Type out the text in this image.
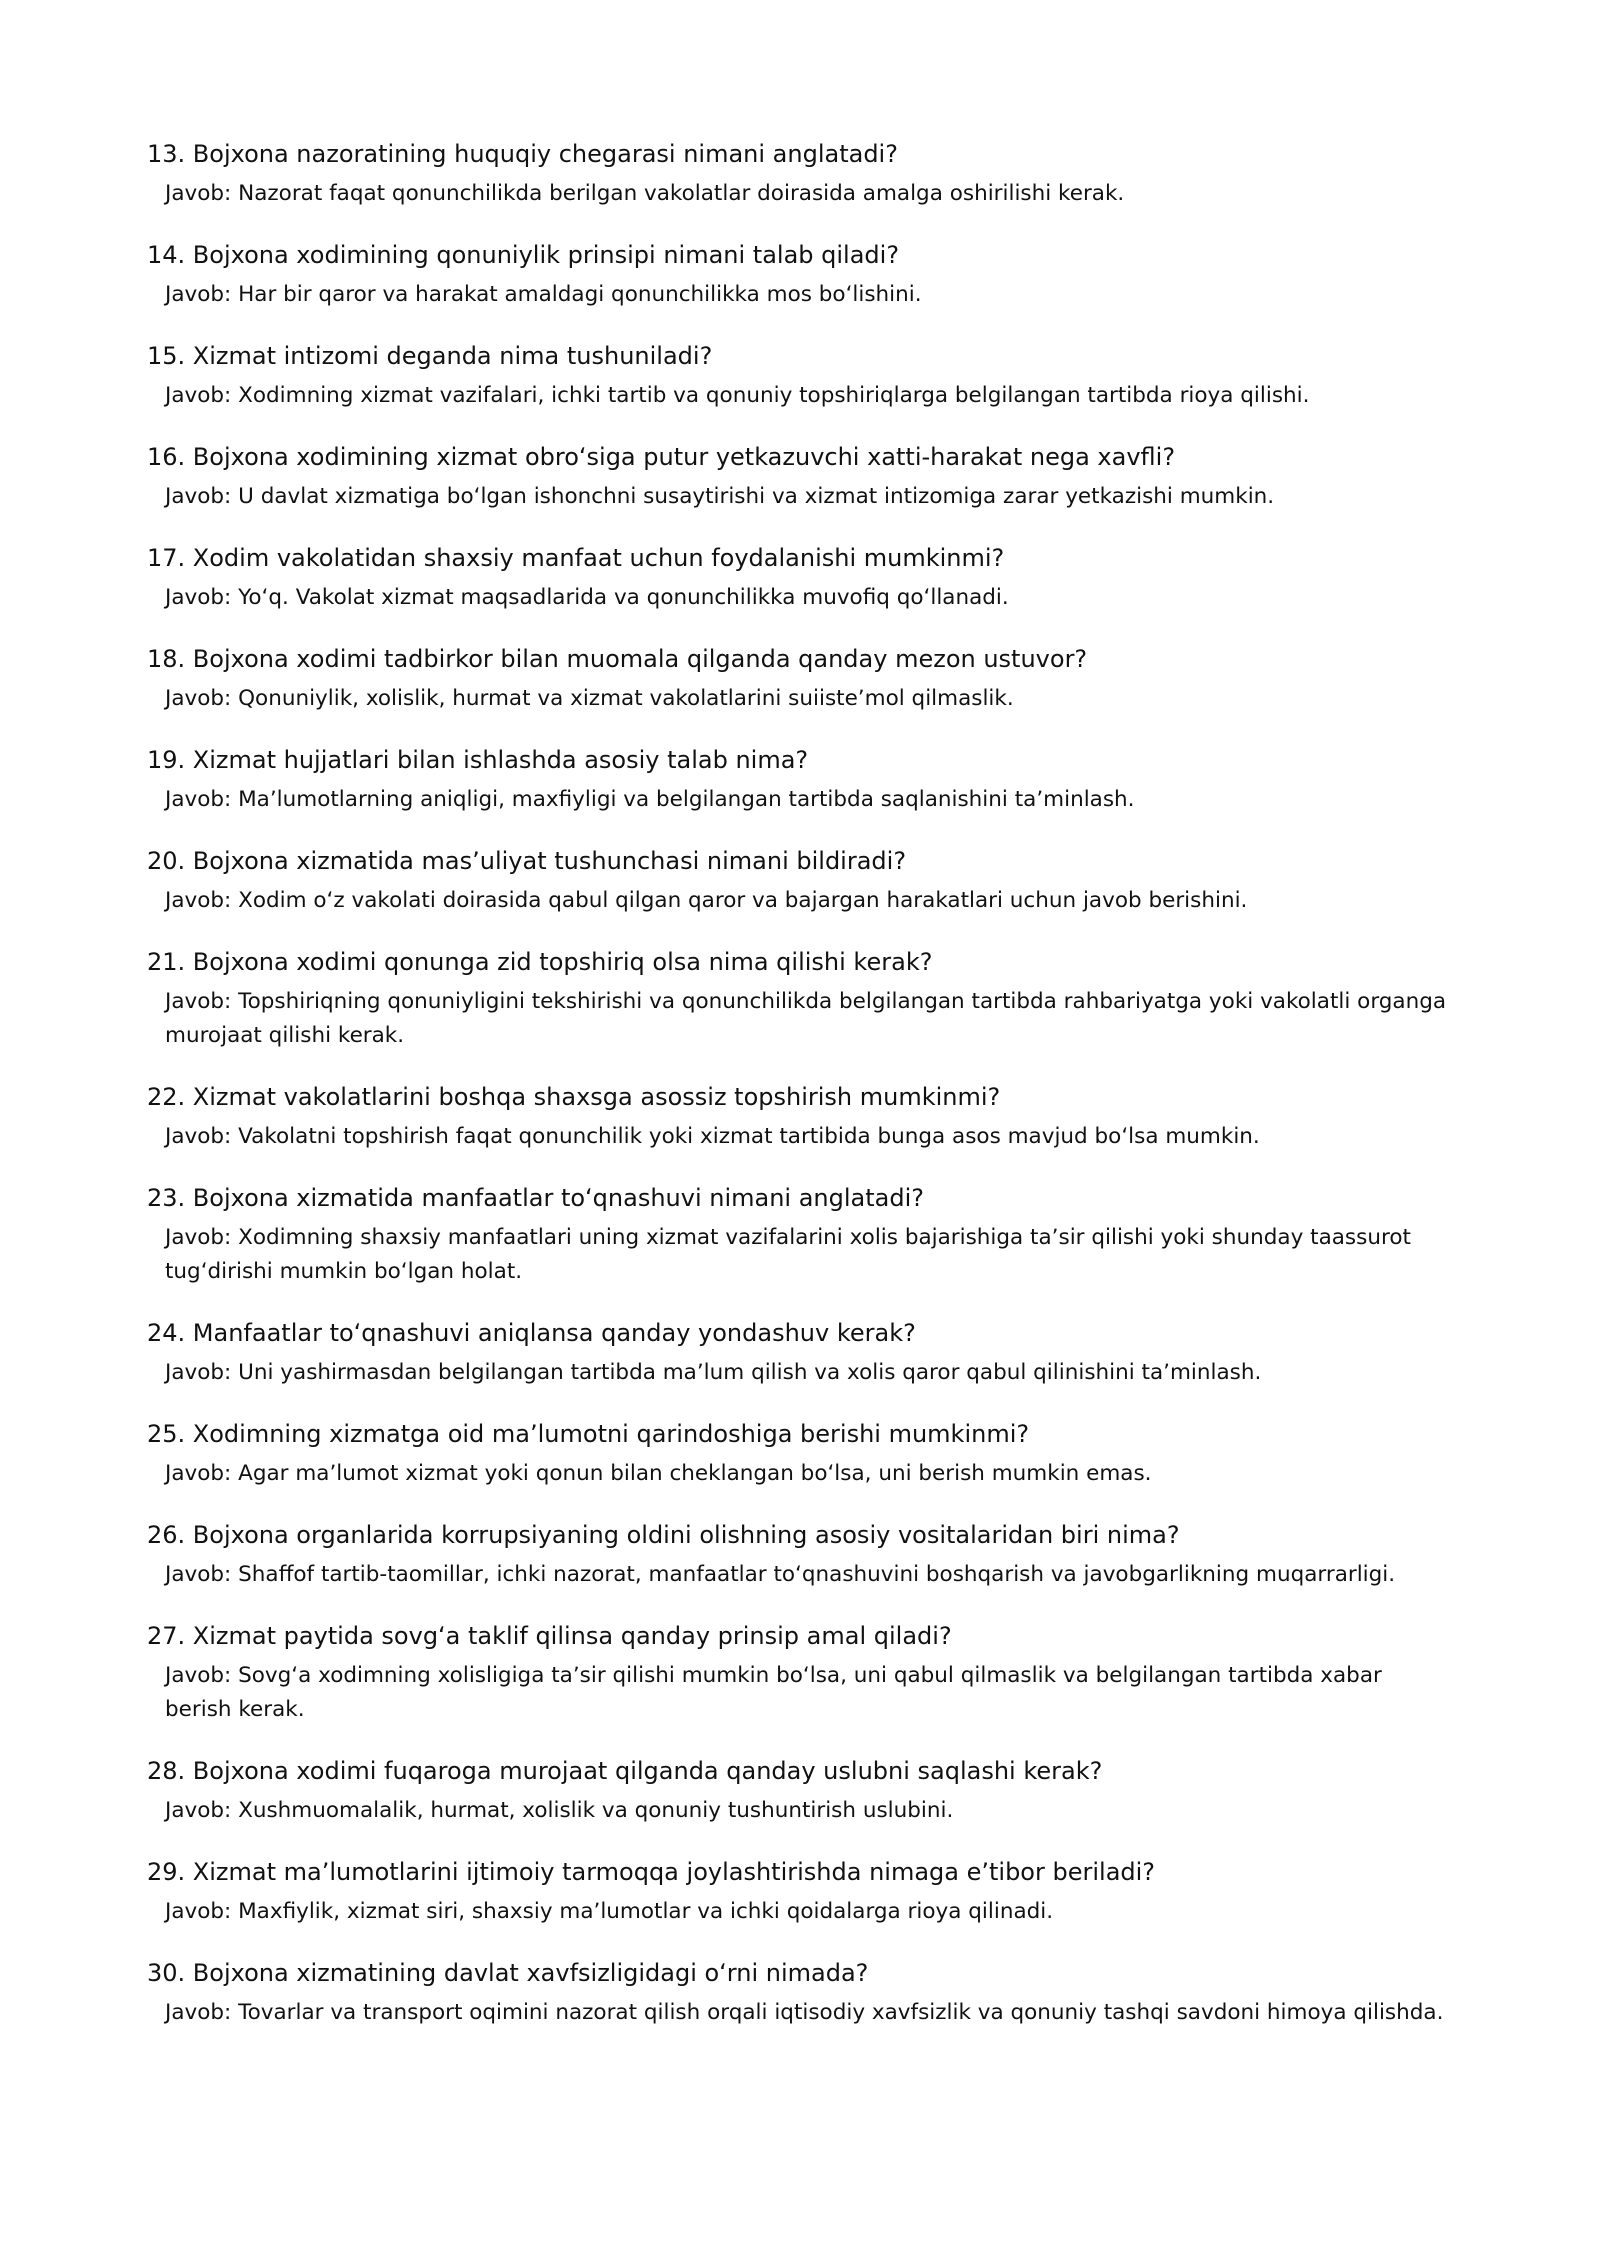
13. Bojxona nazoratining huquqiy chegarasi nimani anglatadi?

Javob: Nazorat faqat qonunchilikda berilgan vakolatlar doirasida amalga oshirilishi kerak.

14. Bojxona xodimining qonuniylik prinsipi nimani talab qiladi?

Javob: Har bir qaror va harakat amaldagi qonunchilikka mos boʻlishini.

15. Xizmat intizomi deganda nima tushuniladi?

Javob: Xodimning xizmat vazifalari, ichki tartib va qonuniy topshiriqlarga belgilangan tartibda rioya qilishi.

16. Bojxona xodimining xizmat obroʻsiga putur yetkazuvchi xatti-harakat nega xavfli?

Javob: U davlat xizmatiga boʻlgan ishonchni susaytirishi va xizmat intizomiga zarar yetkazishi mumkin.

17. Xodim vakolatidan shaxsiy manfaat uchun foydalanishi mumkinmi?

Javob: Yoʻq. Vakolat xizmat maqsadlarida va qonunchilikka muvofiq qoʻllanadi.

18. Bojxona xodimi tadbirkor bilan muomala qilganda qanday mezon ustuvor?

Javob: Qonuniylik, xolislik, hurmat va xizmat vakolatlarini suiisteʼmol qilmaslik.

19. Xizmat hujjatlari bilan ishlashda asosiy talab nima?

Javob: Maʼlumotlarning aniqligi, maxfiyligi va belgilangan tartibda saqlanishini taʼminlash.

20. Bojxona xizmatida masʼuliyat tushunchasi nimani bildiradi?

Javob: Xodim oʻz vakolati doirasida qabul qilgan qaror va bajargan harakatlari uchun javob berishini.

21. Bojxona xodimi qonunga zid topshiriq olsa nima qilishi kerak?

Javob: Topshiriqning qonuniyligini tekshirishi va qonunchilikda belgilangan tartibda rahbariyatga yoki vakolatli organga murojaat qilishi kerak.

22. Xizmat vakolatlarini boshqa shaxsga asossiz topshirish mumkinmi?

Javob: Vakolatni topshirish faqat qonunchilik yoki xizmat tartibida bunga asos mavjud boʻlsa mumkin.

23. Bojxona xizmatida manfaatlar toʻqnashuvi nimani anglatadi?

Javob: Xodimning shaxsiy manfaatlari uning xizmat vazifalarini xolis bajarishiga taʼsir qilishi yoki shunday taassurot tugʻdirishi mumkin boʻlgan holat.

24. Manfaatlar toʻqnashuvi aniqlansa qanday yondashuv kerak?

Javob: Uni yashirmasdan belgilangan tartibda maʼlum qilish va xolis qaror qabul qilinishini taʼminlash.

25. Xodimning xizmatga oid maʼlumotni qarindoshiga berishi mumkinmi?

Javob: Agar maʼlumot xizmat yoki qonun bilan cheklangan boʻlsa, uni berish mumkin emas.

26. Bojxona organlarida korrupsiyaning oldini olishning asosiy vositalaridan biri nima?

Javob: Shaffof tartib-taomillar, ichki nazorat, manfaatlar toʻqnashuvini boshqarish va javobgarlikning muqarrarligi.

27. Xizmat paytida sovgʻa taklif qilinsa qanday prinsip amal qiladi?

Javob: Sovgʻa xodimning xolisligiga taʼsir qilishi mumkin boʻlsa, uni qabul qilmaslik va belgilangan tartibda xabar berish kerak.

28. Bojxona xodimi fuqaroga murojaat qilganda qanday uslubni saqlashi kerak?

Javob: Xushmuomalalik, hurmat, xolislik va qonuniy tushuntirish uslubini.

29. Xizmat maʼlumotlarini ijtimoiy tarmoqqa joylashtirishda nimaga eʼtibor beriladi?

Javob: Maxfiylik, xizmat siri, shaxsiy maʼlumotlar va ichki qoidalarga rioya qilinadi.

30. Bojxona xizmatining davlat xavfsizligidagi oʻrni nimada?

Javob: Tovarlar va transport oqimini nazorat qilish orqali iqtisodiy xavfsizlik va qonuniy tashqi savdoni himoya qilishda.
